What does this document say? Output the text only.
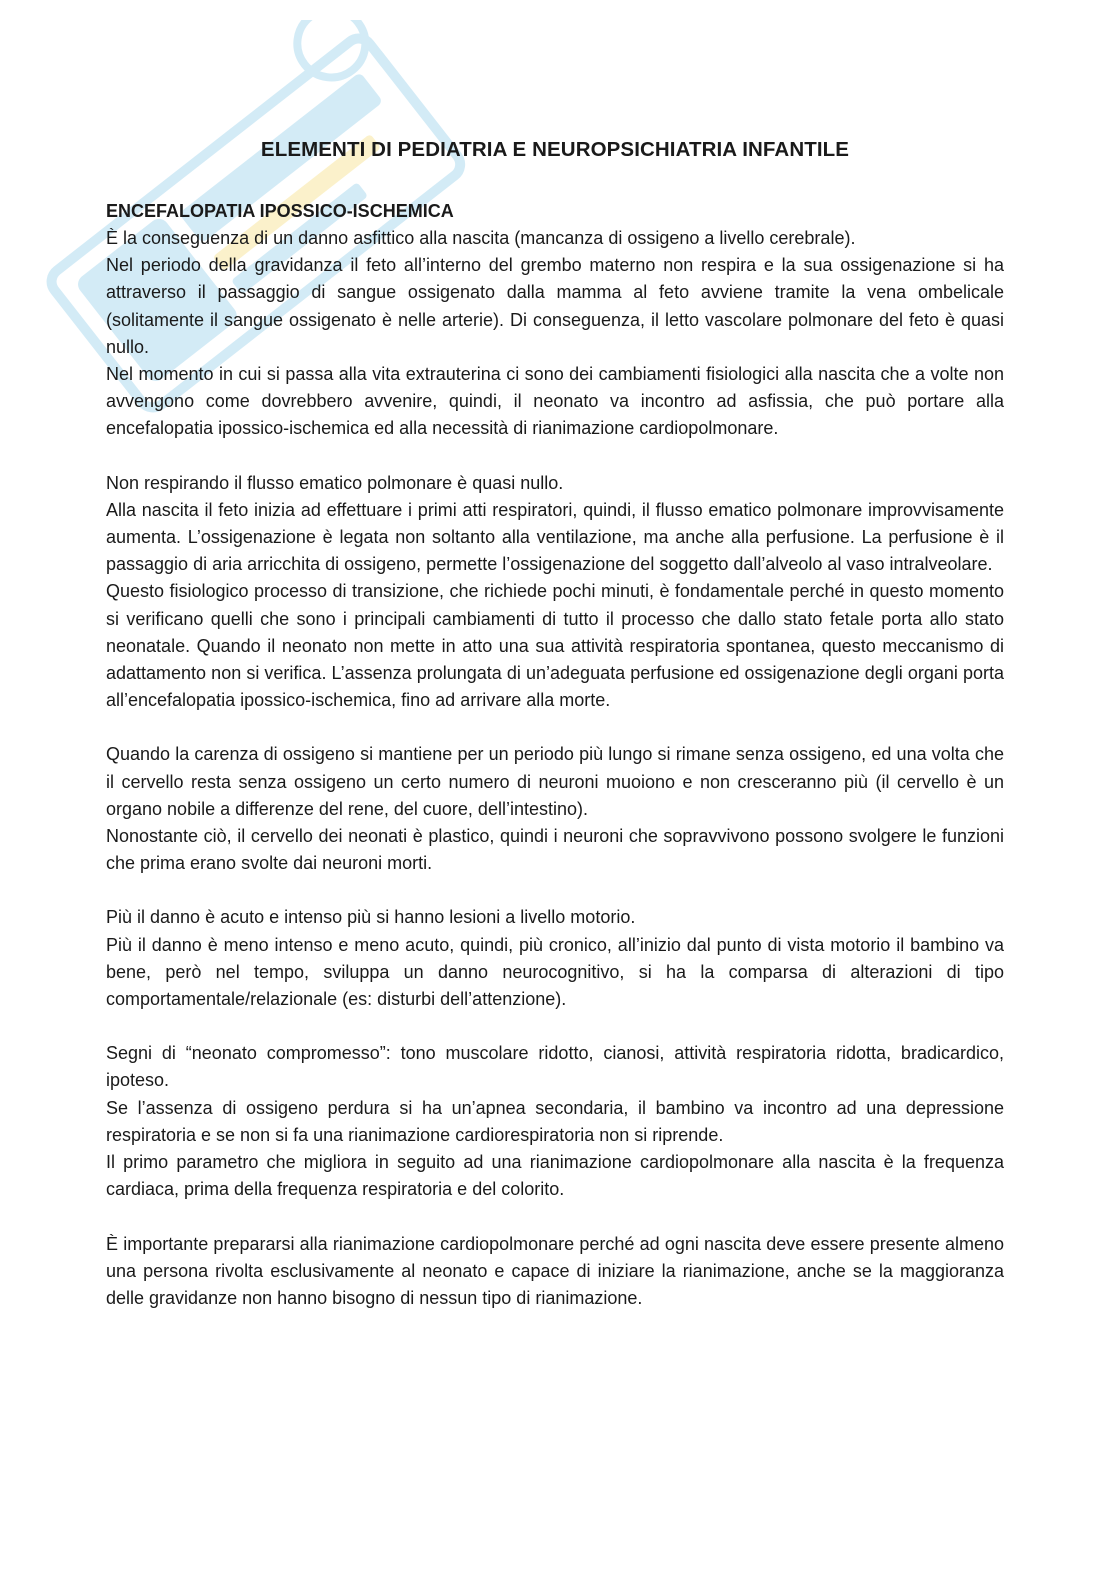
ELEMENTI DI PEDIATRIA E NEUROPSICHIATRIA INFANTILE
ENCEFALOPATIA IPOSSICO-ISCHEMICA

È la conseguenza di un danno asfittico alla nascita (mancanza di ossigeno a livello cerebrale).

Nel periodo della gravidanza il feto all’interno del grembo materno non respira e la sua ossigenazione si ha attraverso il passaggio di sangue ossigenato dalla mamma al feto avviene tramite la vena ombelicale (solitamente il sangue ossigenato è nelle arterie). Di conseguenza, il letto vascolare polmonare del feto è quasi nullo.

Nel momento in cui si passa alla vita extrauterina ci sono dei cambiamenti fisiologici alla nascita che a volte non avvengono come dovrebbero avvenire, quindi, il neonato va incontro ad asfissia, che può portare alla encefalopatia ipossico-ischemica ed alla necessità di rianimazione cardiopolmonare.

Non respirando il flusso ematico polmonare è quasi nullo.

Alla nascita il feto inizia ad effettuare i primi atti respiratori, quindi, il flusso ematico polmonare improvvisamente aumenta. L’ossigenazione è legata non soltanto alla ventilazione, ma anche alla perfusione. La perfusione è il passaggio di aria arricchita di ossigeno, permette l’ossigenazione del soggetto dall’alveolo al vaso intralveolare.

Questo fisiologico processo di transizione, che richiede pochi minuti, è fondamentale perché in questo momento si verificano quelli che sono i principali cambiamenti di tutto il processo che dallo stato fetale porta allo stato neonatale. Quando il neonato non mette in atto una sua attività respiratoria spontanea, questo meccanismo di adattamento non si verifica. L’assenza prolungata di un’adeguata perfusione ed ossigenazione degli organi porta all’encefalopatia ipossico-ischemica, fino ad arrivare alla morte.

Quando la carenza di ossigeno si mantiene per un periodo più lungo si rimane senza ossigeno, ed una volta che il cervello resta senza ossigeno un certo numero di neuroni muoiono e non cresceranno più (il cervello è un organo nobile a differenze del rene, del cuore, dell’intestino).

Nonostante ciò, il cervello dei neonati è plastico, quindi i neuroni che sopravvivono possono svolgere le funzioni che prima erano svolte dai neuroni morti.

Più il danno è acuto e intenso più si hanno lesioni a livello motorio.

Più il danno è meno intenso e meno acuto, quindi, più cronico, all’inizio dal punto di vista motorio il bambino va bene, però nel tempo, sviluppa un danno neurocognitivo, si ha la comparsa di alterazioni di tipo comportamentale/relazionale (es: disturbi dell’attenzione).

Segni di “neonato compromesso”: tono muscolare ridotto, cianosi, attività respiratoria ridotta, bradicardico, ipoteso.

Se l’assenza di ossigeno perdura si ha un’apnea secondaria, il bambino va incontro ad una depressione respiratoria e se non si fa una rianimazione cardiorespiratoria non si riprende.

Il primo parametro che migliora in seguito ad una rianimazione cardiopolmonare alla nascita è la frequenza cardiaca, prima della frequenza respiratoria e del colorito.

È importante prepararsi alla rianimazione cardiopolmonare perché ad ogni nascita deve essere presente almeno una persona rivolta esclusivamente al neonato e capace di iniziare la rianimazione, anche se la maggioranza delle gravidanze non hanno bisogno di nessun tipo di rianimazione.
